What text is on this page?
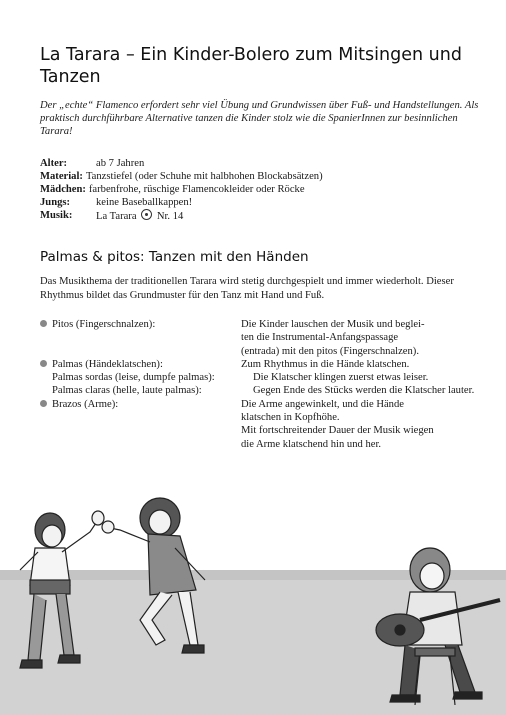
La Tarara – Ein Kinder-Bolero zum Mitsingen und Tanzen

Der „echte“ Flamenco erfordert sehr viel Übung und Grundwissen über Fuß- und Handstellungen. Als praktisch durchführbare Alternative tanzen die Kinder stolz wie die SpanierInnen zur besinnlichen Tarara!

Alter:	ab 7 Jahren
Material: Tanzstiefel (oder Schuhe mit halbhohen Blockabsätzen)
Mädchen: farbenfrohe, rüschige Flamencokleider oder Röcke
Jungs:	keine Baseballkappen!
Musik:	La Tarara Nr. 14
Palmas & pitos: Tanzen mit den Händen

Das Musikthema der traditionellen Tarara wird stetig durchgespielt und immer wiederholt. Dieser Rhythmus bildet das Grundmuster für den Tanz mit Hand und Fuß.

Pitos (Fingerschnalzen):	Die Kinder lauschen der Musik und beglei-
ten die Instrumental-Anfangspassage
(entrada) mit den pitos (Fingerschnalzen).
Palmas (Händeklatschen):	Zum Rhythmus in die Hände klatschen.
Palmas sordas (leise, dumpfe palmas):	Die Klatscher klingen zuerst etwas leiser.
Palmas claras (helle, laute palmas):	Gegen Ende des Stücks werden die Klatscher lauter.
Brazos (Arme):	Die Arme angewinkelt, und die Hände
klatschen in Kopfhöhe.
Mit fortschreitender Dauer der Musik wiegen
die Arme klatschend hin und her.
